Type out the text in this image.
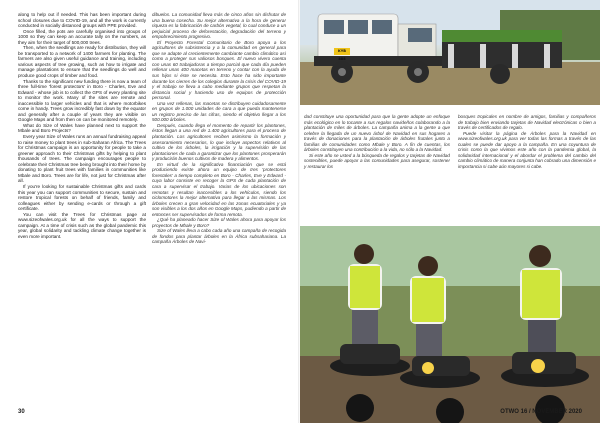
along to help out if needed. This has been important during school closures due to COVID-19, and all the work is currently conducted in socially distanced groups with PPE provided.

Once filled, the pots are carefully organised into groups of 1000 so they can keep an accurate tally on the numbers, as they aim for their target of 500,000 trees.

Then, when the seedlings are ready for distribution, they will be transported to a network of 1400 farmers for planting. The farmers are also given useful guidance and training, including various aspects of tree growing, such as how to irrigate and manage plantations to ensure that the seedlings do well and produce good crops of timber and food.

Thanks to the significant new funding there is now a team of three full-time 'forest protectors' in Boro - Charles, Eve and Edward - whose job is to collect the GPS of every planting site to monitor the work. Many of the sites are remote and inaccessible to larger vehicles and that is where motorbikes come in handy. Trees grow incredibly fast down by the equator and generally after a couple of years they are visible on Google Maps and from then on can be monitored remotely.

What do Size of Wales have planned next to support the Mbale and Boro Projects?

Every year Size of Wales runs an annual fundraising appeal to raise money to plant trees in sub-Saharan Africa. The Trees for Christmas campaign is an opportunity for people to take a greener approach to their Christmas gifts by helping to plant thousands of trees. The campaign encourages people to celebrate their Christmas tree being brought into their home by donating to plant fruit trees with families in communities like Mbale and Boro. Trees are for life, not just for Christmas after all.

If you're looking for sustainable Christmas gifts and cards this year you can support communities to secure, sustain and restore tropical forests on behalf of friends, family and colleagues either by sending e-cards or through a gift certificate.

You can visit the Trees for Christmas page at www.sizeofwales.org.uk for all the ways to support the campaign. At a time of crisis such as the global pandemic this year, global solidarity and tackling climate change together is even more important.

dibuelos. La comunidad lleva más de cinco años sin disfrutar de una buena cosecha. Su mejor alternativa a la hora de generar riqueza es la fabricación de carbón vegetal, lo cual conduce a un perjuicial proceso de deforestación, degradación del terreno y empobrecimiento progresivo.

El Proyecto Forestal Comunitario de Boro apoya a los agricultores de subsistencia y a la comunidad en general para que se adapte al crecientemente cambiante cambio climático así como a proteger sus valiosos bosques. El nuevo vivero cuenta con unas 60 trabajadoras a tiempo parcial que cada día pueden rellenar unas 400 macetas en terreno y contar con la ayuda de sus hijos si éste se necesita. Esto hace ha sido importante durante los cierres de los colegios durante la crisis del COVID-19 y el trabajo se lleva a cabo mediante grupos que respetan la distancia social y haciendo uso de equipos de protección personal.

Una vez rellenas, las macetas se distribuyen cuidadosamente en grupos de 1.000 unidades de cara a que pueda mantenerse un registro preciso de las cifras, siendo el objetivo llegar a los 500.000 árboles.

Después, cuando llega el momento de repartir los plantones, éstos llegan a una red de 1.400 agricultores para el proceso de plantación. Los agricultores reciben asimismo la formación y asesoramiento necesarios, lo que incluye aspectos relativos al cultivo de los árboles, la irrigación y la supervisión de las plantaciones de cada a garantizar que los plantones prosperarán y producirán buenos cultivos de madera y alimentos.

En virtud de la significativa financiación que se está produciendo existe ahora un equipo de tres 'protectores forestales' a tiempo completo en Boro - Charles, Eve y Edward - cuya labor consiste en recoger la GPS de cada plantación de cara a supervisar el trabajo. Varias de los ubicaciones son remotas y resultan inaccesibles a los vehículos, siendo los ciclomotores la mejor alternativa para llegar a las mismas. Los árboles crecen a gran velocidad en las zonas ecuatoriales y ya son visibles a los dos años en Google Maps, pudiendo a partir de entonces ser supervisados de forma remota.

¿Qué ha planeado hacer Size of Wales ahora para apoyar los proyectos de Mbale y Boro?

Size of Wales lleva a cabo cada año una campaña de recogida de fondos para plantar árboles en la África subsahariana. La campaña Árboles de Navi-

30
KYB 888

dad constituye una oportunidad para que la gente adopte un enfoque más ecológico en lo tocante a sus regalos navideños colaborando a la plantación de miles de árboles. La campaña anima a la gente a que celebre la llegada de un nuevo árbol de Navidad en sus hogares a través de donaciones para la plantación de árboles frutales junto a familias de comunidades como Mbale y Boro. A fin de cuentas, los árboles constituyen una contribución a la vida, no sólo a la Navidad.

Si este año se usted a la búsqueda de regalos y tarjetas de Navidad sostenibles, puede apoyar a las comunidades para asegurar, sostener y restaurar los

bosques tropicales en nombre de amigos, familias y compañeros de trabajo bien enviando tarjetas de Navidad electrónicas o bien a través de certificados de regalo.

Puede visitar la página de Árboles para la Navidad en www.sizeofwales.org.uk para ver todas las formas a través de las cuales se puede dar apoyo a la campaña. En una coyuntura de crisis como la que vivimos este año con la pandemia global, la solidaridad internacional y el abordar el problema del cambio del cambio climático de manera conjunta han cobrado una dimensión e importancia si cabe aún mayores si cabe.

OTWO 16 / NOVEMBER 2020
